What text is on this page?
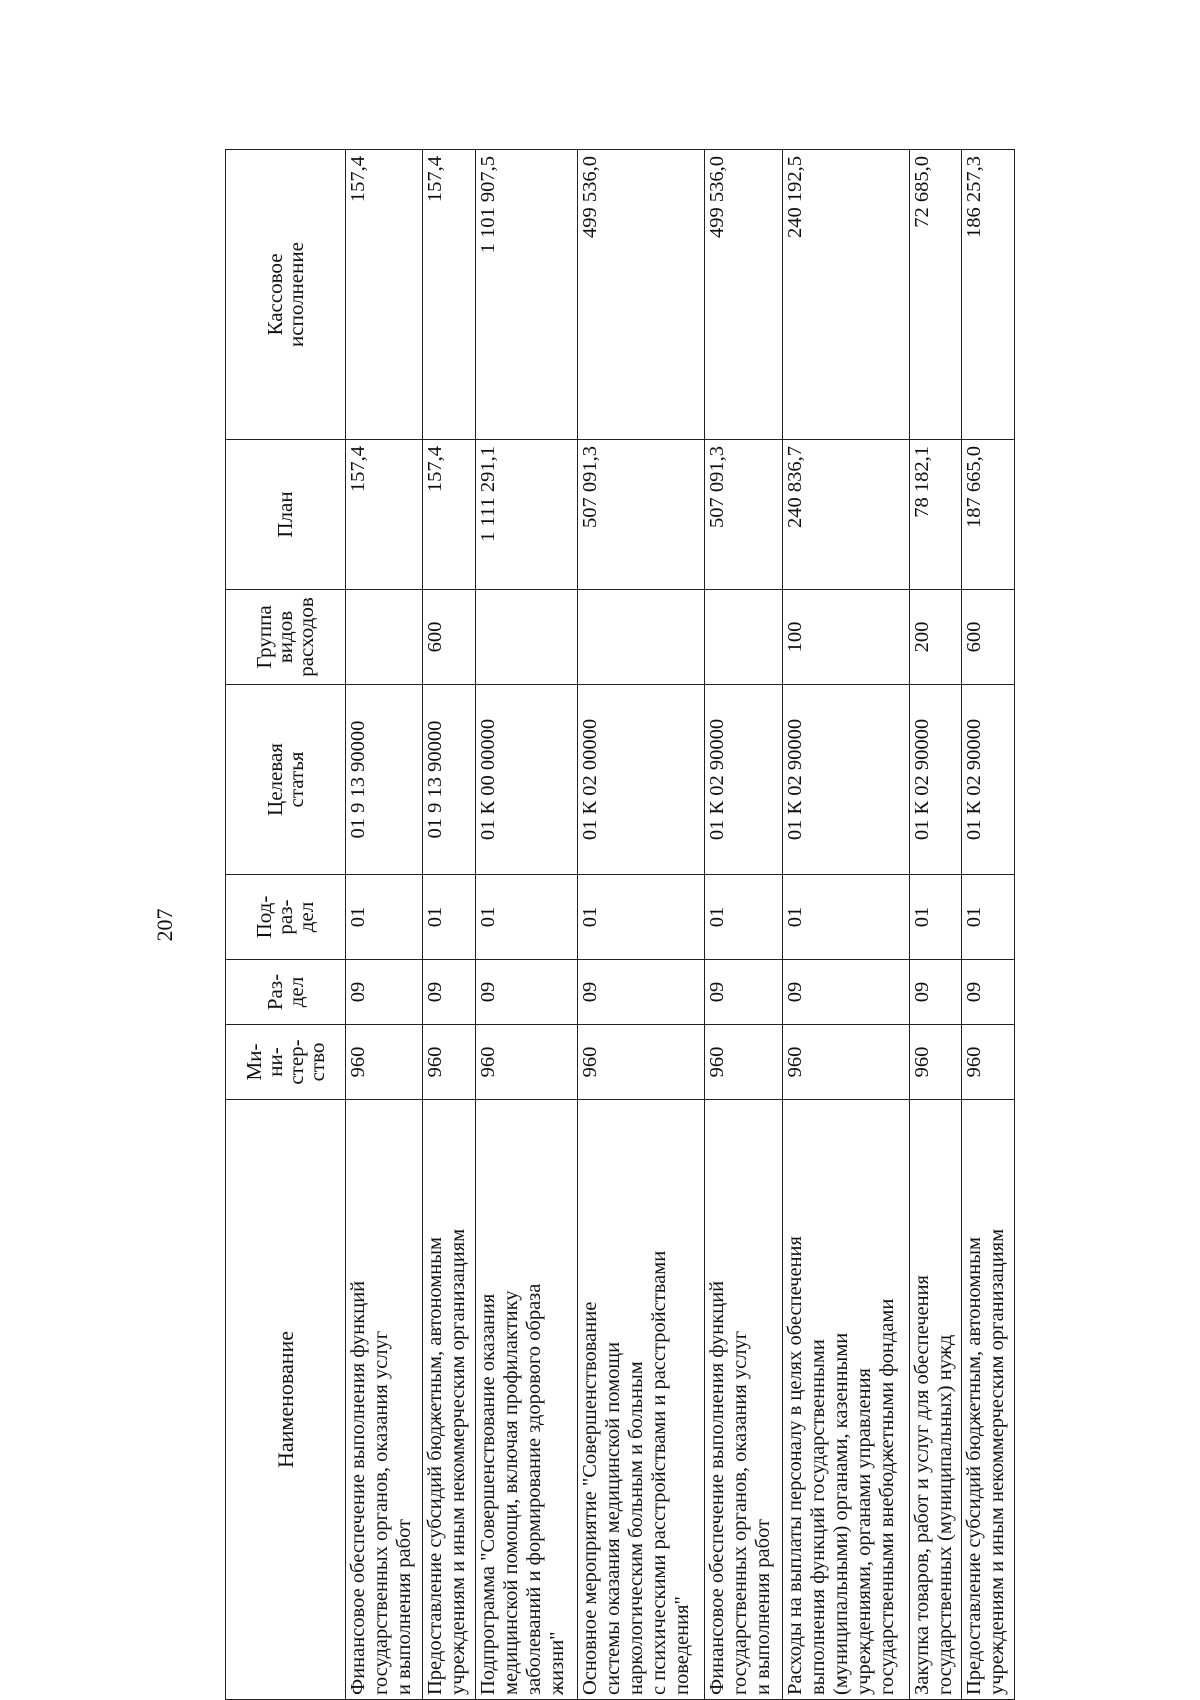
207
Наименование	Ми-
ни-
стер-
ство	Раз-
дел	Под-
раз-
дел	Целевая
статья	Группа
видов
расходов	План	Кассовое
исполнение
Финансовое обеспечение выполнения функций
государственных органов, оказания услуг
и выполнения работ	960	09	01	01 9 13 90000		157,4	157,4
Предоставление субсидий бюджетным, автономным
учреждениям и иным некоммерческим организациям	960	09	01	01 9 13 90000	600	157,4	157,4
Подпрограмма "Совершенствование оказания
медицинской помощи, включая профилактику
заболеваний и формирование здорового образа
жизни"	960	09	01	01 К 00 00000		1 111 291,1	1 101 907,5
Основное мероприятие "Совершенствование
системы оказания медицинской помощи
наркологическим больным и больным
с психическими расстройствами и расстройствами
поведения"	960	09	01	01 К 02 00000		507 091,3	499 536,0
Финансовое обеспечение выполнения функций
государственных органов, оказания услуг
и выполнения работ	960	09	01	01 К 02 90000		507 091,3	499 536,0
Расходы на выплаты персоналу в целях обеспечения
выполнения функций государственными
(муниципальными) органами, казенными
учреждениями, органами управления
государственными внебюджетными фондами	960	09	01	01 К 02 90000	100	240 836,7	240 192,5
Закупка товаров, работ и услуг для обеспечения
государственных (муниципальных) нужд	960	09	01	01 К 02 90000	200	78 182,1	72 685,0
Предоставление субсидий бюджетным, автономным
учреждениям и иным некоммерческим организациям	960	09	01	01 К 02 90000	600	187 665,0	186 257,3
